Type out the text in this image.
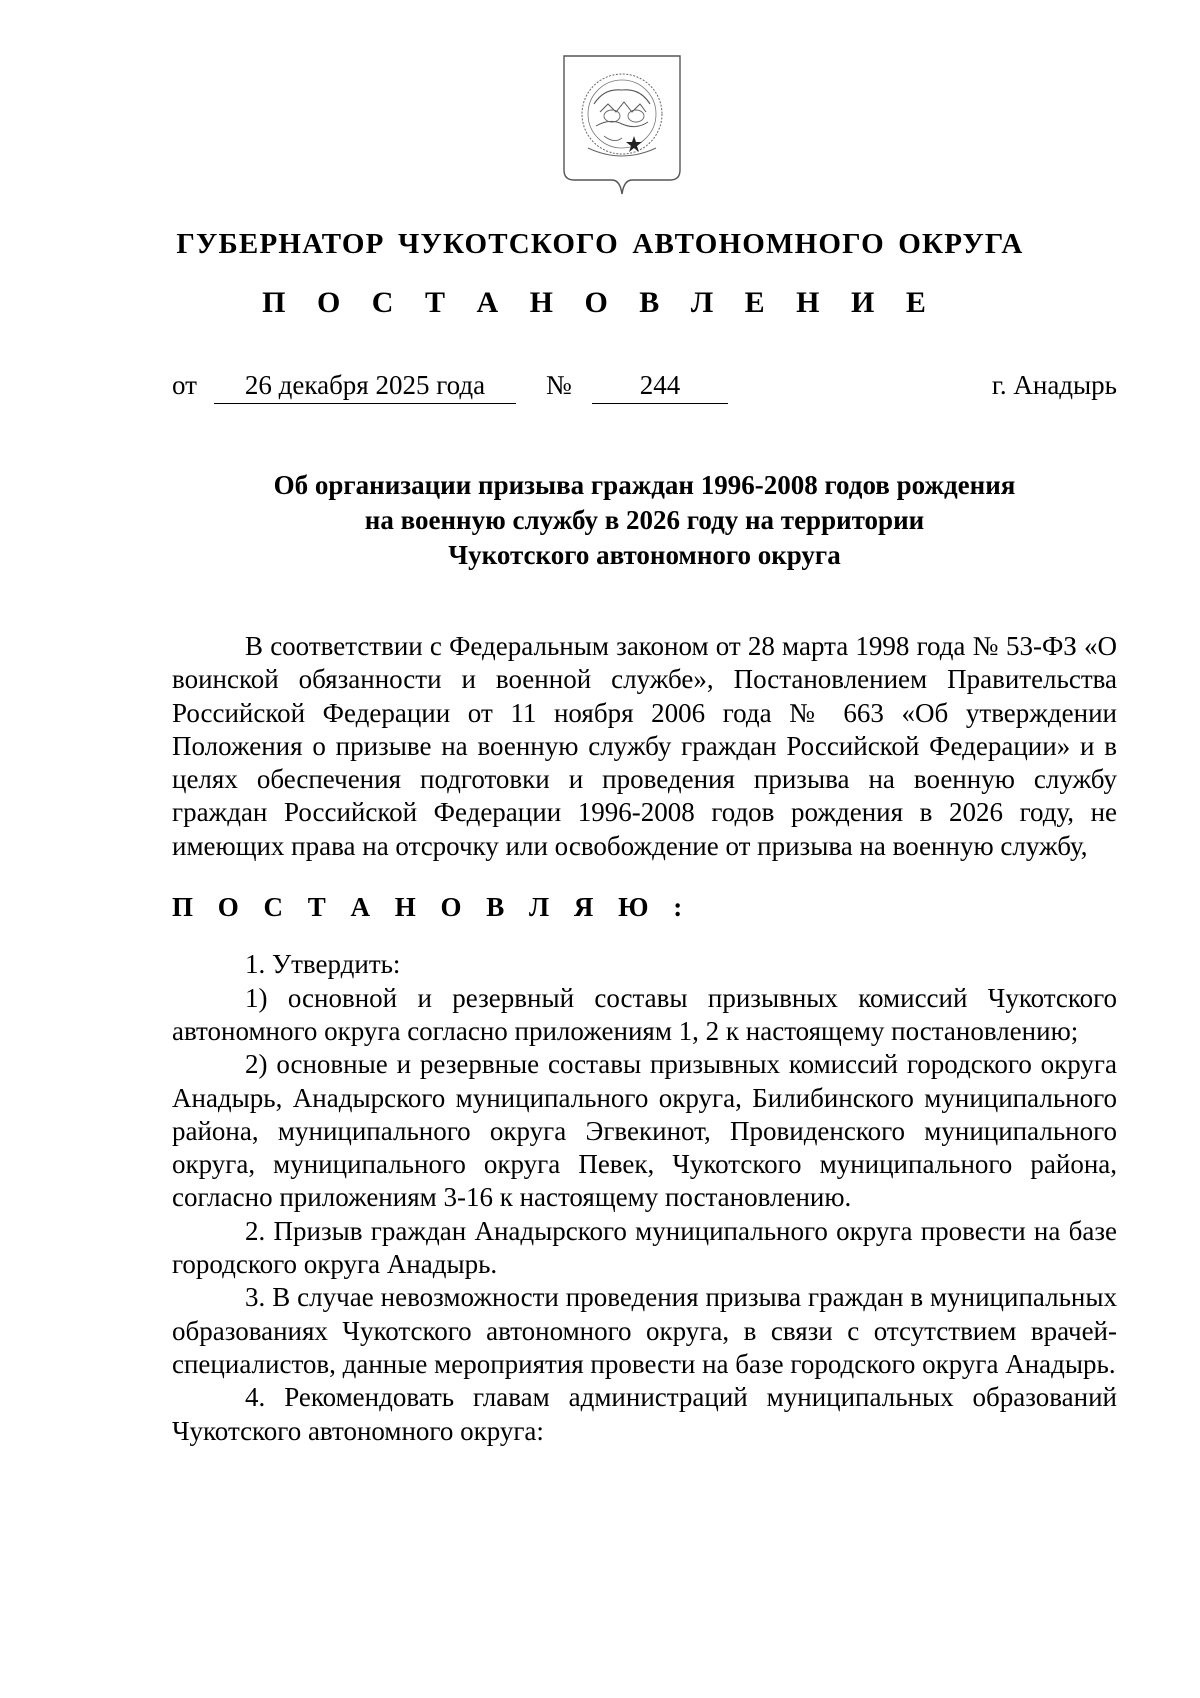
ГУБЕРНАТОР ЧУКОТСКОГО АВТОНОМНОГО ОКРУГА
П О С Т А Н О В Л Е Н И Е
от	26 декабря 2025 года	№	244	г. Анадырь
Об организации призыва граждан 1996-2008 годов рождения
на военную службу в 2026 году на территории
Чукотского автономного округа

В соответствии с Федеральным законом от 28 марта 1998 года № 53-ФЗ «О воинской обязанности и военной службе», Постановлением Правительства Российской Федерации от 11 ноября 2006 года № 663 «Об утверждении Положения о призыве на военную службу граждан Российской Федерации» и в целях обеспечения подготовки и проведения призыва на военную службу граждан Российской Федерации 1996-2008 годов рождения в 2026 году, не имеющих права на отсрочку или освобождение от призыва на военную службу,

П О С Т А Н О В Л Я Ю :

1. Утвердить:

1) основной и резервный составы призывных комиссий Чукотского автономного округа согласно приложениям 1, 2 к настоящему постановлению;

2) основные и резервные составы призывных комиссий городского округа Анадырь, Анадырского муниципального округа, Билибинского муниципального района, муниципального округа Эгвекинот, Провиденского муниципального округа, муниципального округа Певек, Чукотского муниципального района, согласно приложениям 3-16 к настоящему постановлению.

2. Призыв граждан Анадырского муниципального округа провести на базе городского округа Анадырь.

3. В случае невозможности проведения призыва граждан в муниципальных образованиях Чукотского автономного округа, в связи с отсутствием врачей-специалистов, данные мероприятия провести на базе городского округа Анадырь.

4. Рекомендовать главам администраций муниципальных образований Чукотского автономного округа:
